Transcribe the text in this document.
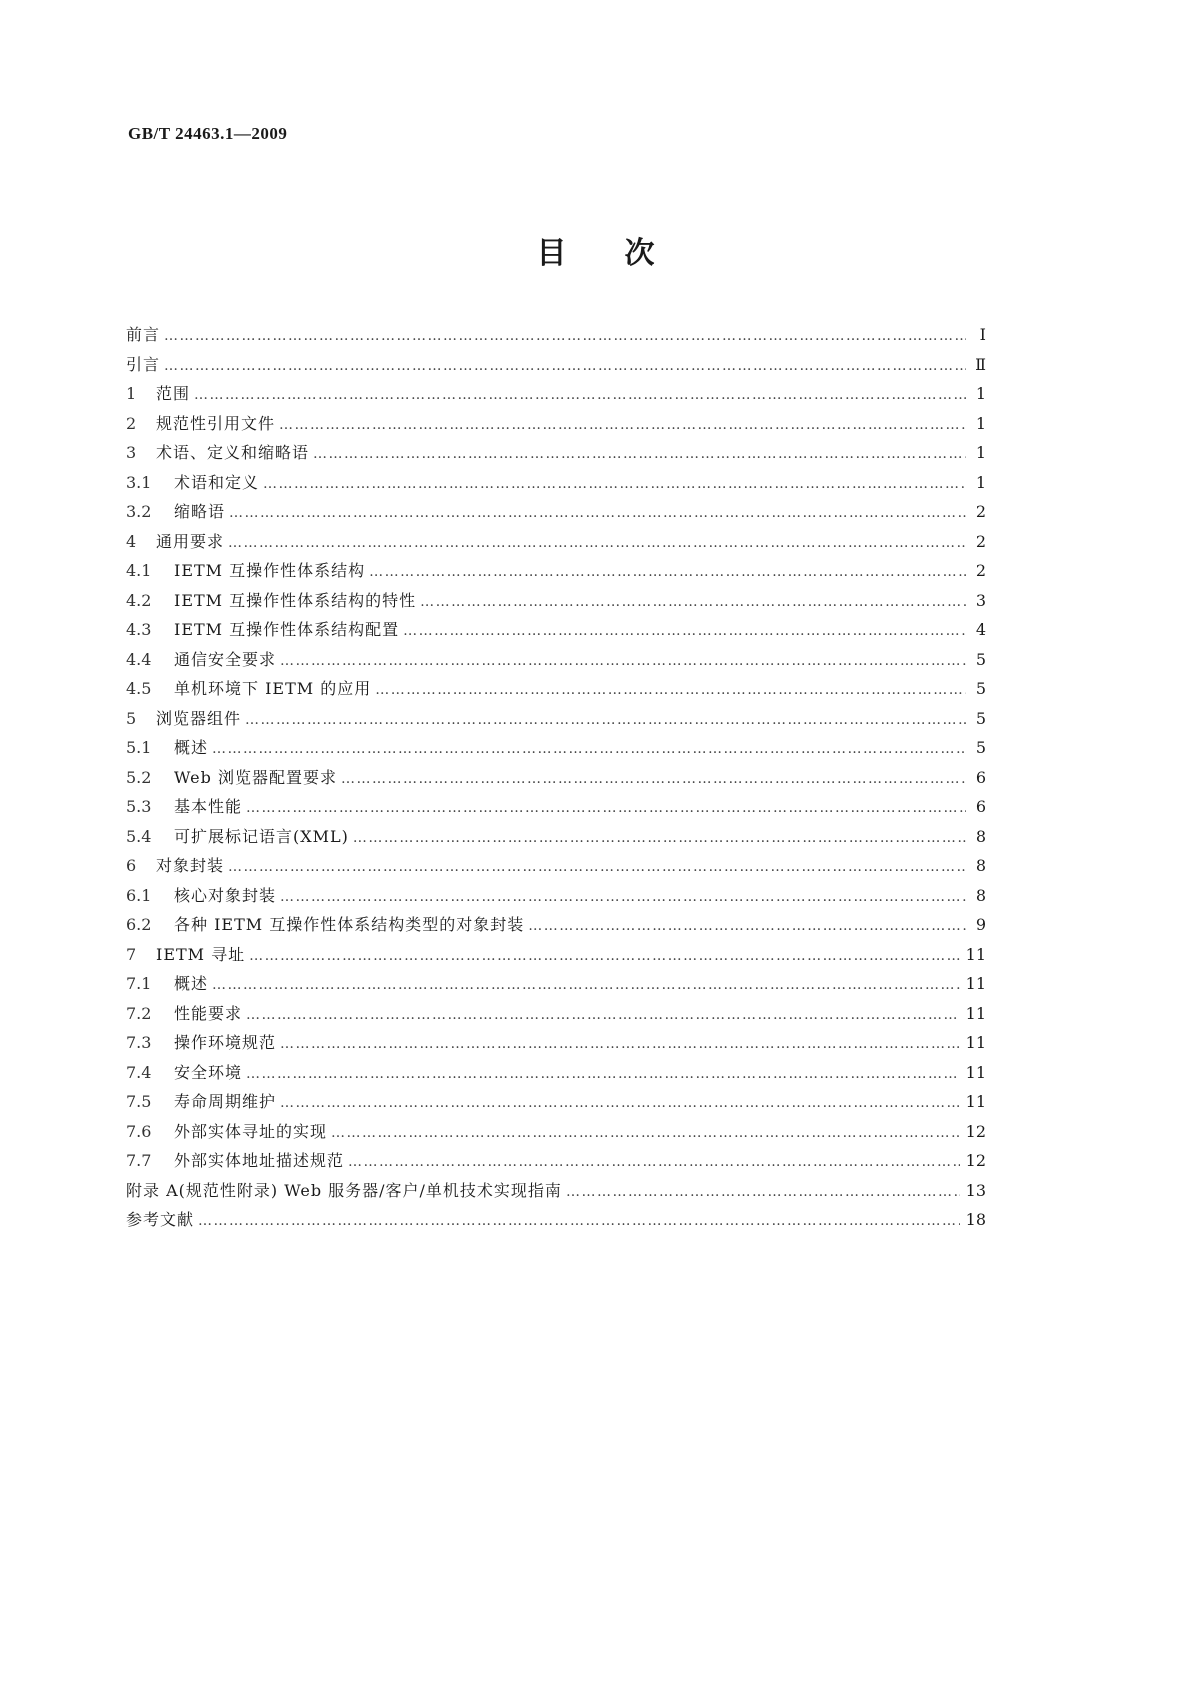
GB/T 24463.1—2009
目次
前言 …………………………………………………………………………………………………………………………………………………………………………………………………	Ⅰ
引言 …………………………………………………………………………………………………………………………………………………………………………………………………	Ⅱ
1	范围 …………………………………………………………………………………………………………………………………………………………………………………………………	1
2	规范性引用文件 …………………………………………………………………………………………………………………………………………………………………………………………………	1
3	术语、定义和缩略语 …………………………………………………………………………………………………………………………………………………………………………………………………	1
3.1	术语和定义 …………………………………………………………………………………………………………………………………………………………………………………………………	1
3.2	缩略语 …………………………………………………………………………………………………………………………………………………………………………………………………	2
4	通用要求 …………………………………………………………………………………………………………………………………………………………………………………………………	2
4.1	IETM 互操作性体系结构 …………………………………………………………………………………………………………………………………………………………………………………………………	2
4.2	IETM 互操作性体系结构的特性 …………………………………………………………………………………………………………………………………………………………………………………………………	3
4.3	IETM 互操作性体系结构配置 …………………………………………………………………………………………………………………………………………………………………………………………………	4
4.4	通信安全要求 …………………………………………………………………………………………………………………………………………………………………………………………………	5
4.5	单机环境下 IETM 的应用 …………………………………………………………………………………………………………………………………………………………………………………………………	5
5	浏览器组件 …………………………………………………………………………………………………………………………………………………………………………………………………	5
5.1	概述 …………………………………………………………………………………………………………………………………………………………………………………………………	5
5.2	Web 浏览器配置要求 …………………………………………………………………………………………………………………………………………………………………………………………………	6
5.3	基本性能 …………………………………………………………………………………………………………………………………………………………………………………………………	6
5.4	可扩展标记语言(XML) …………………………………………………………………………………………………………………………………………………………………………………………………	8
6	对象封装 …………………………………………………………………………………………………………………………………………………………………………………………………	8
6.1	核心对象封装 …………………………………………………………………………………………………………………………………………………………………………………………………	8
6.2	各种 IETM 互操作性体系结构类型的对象封装 …………………………………………………………………………………………………………………………………………………………………………………………………	9
7	IETM 寻址 …………………………………………………………………………………………………………………………………………………………………………………………………	11
7.1	概述 …………………………………………………………………………………………………………………………………………………………………………………………………	11
7.2	性能要求 …………………………………………………………………………………………………………………………………………………………………………………………………	11
7.3	操作环境规范 …………………………………………………………………………………………………………………………………………………………………………………………………	11
7.4	安全环境 …………………………………………………………………………………………………………………………………………………………………………………………………	11
7.5	寿命周期维护 …………………………………………………………………………………………………………………………………………………………………………………………………	11
7.6	外部实体寻址的实现 …………………………………………………………………………………………………………………………………………………………………………………………………	12
7.7	外部实体地址描述规范 …………………………………………………………………………………………………………………………………………………………………………………………………	12
附录 A(规范性附录) Web 服务器/客户/单机技术实现指南 …………………………………………………………………………………………………………………………………………………………………………………………………	13
参考文献 …………………………………………………………………………………………………………………………………………………………………………………………………	18
